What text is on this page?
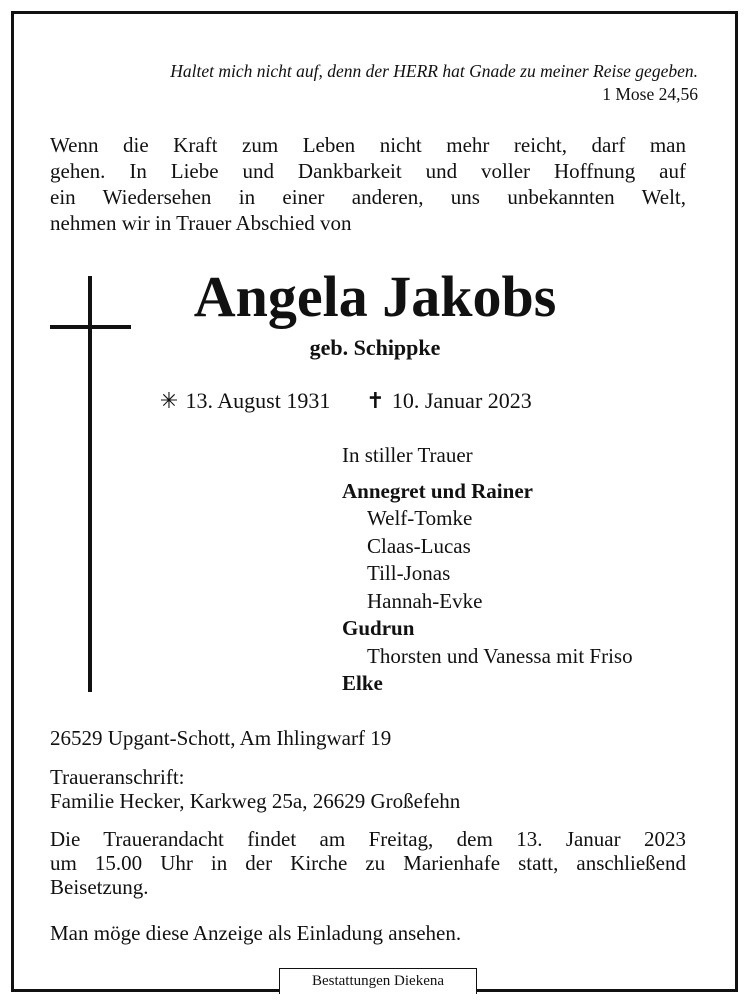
Haltet mich nicht auf, denn der HERR hat Gnade zu meiner Reise gegeben.
1 Mose 24,56
Wenn die Kraft zum Leben nicht mehr reicht, darf man
gehen. In Liebe und Dankbarkeit und voller Hoffnung auf
ein Wiedersehen in einer anderen, uns unbekannten Welt,
nehmen wir in Trauer Abschied von
Angela Jakobs
geb. Schippke
✳ 13. August 1931 ✝ 10. Januar 2023
In stiller Trauer
Annegret und Rainer
Welf-Tomke
Claas-Lucas
Till-Jonas
Hannah-Evke
Gudrun
Thorsten und Vanessa mit Friso
Elke
26529 Upgant-Schott, Am Ihlingwarf 19
Traueranschrift:
Familie Hecker, Karkweg 25a, 26629 Großefehn
Die Trauerandacht findet am Freitag, dem 13. Januar 2023
um 15.00 Uhr in der Kirche zu Marienhafe statt, anschließend
Beisetzung.
Man möge diese Anzeige als Einladung ansehen.
Bestattungen Diekena
